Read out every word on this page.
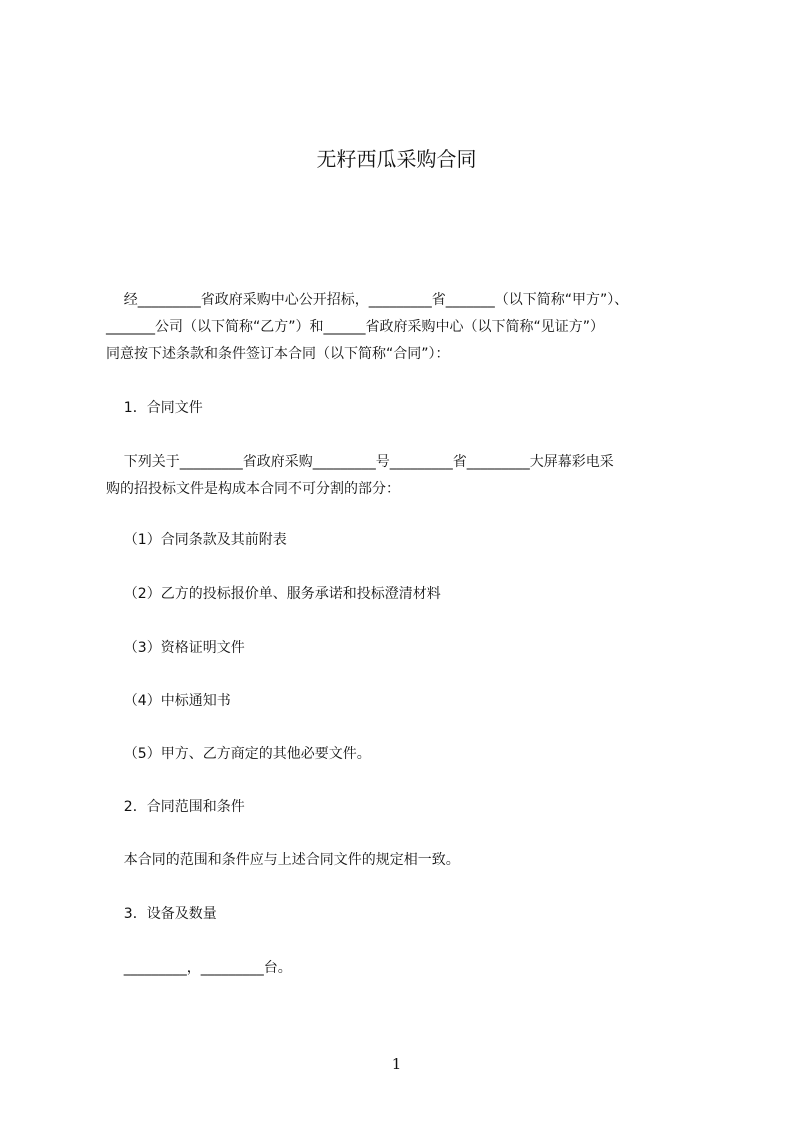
无籽西瓜采购合同
经_________省政府采购中心公开招标，_________省_______（以下简称“甲方”）、
_______公司（以下简称“乙方”）和______省政府采购中心（以下简称“见证方”）
同意按下述条款和条件签订本合同（以下简称“合同”）：
1．合同文件
下列关于_________省政府采购_________号_________省_________大屏幕彩电采
购的招投标文件是构成本合同不可分割的部分：
（1）合同条款及其前附表
（2）乙方的投标报价单、服务承诺和投标澄清材料
（3）资格证明文件
（4）中标通知书
（5）甲方、乙方商定的其他必要文件。
2．合同范围和条件
本合同的范围和条件应与上述合同文件的规定相一致。
3．设备及数量
_________，_________台。
1
